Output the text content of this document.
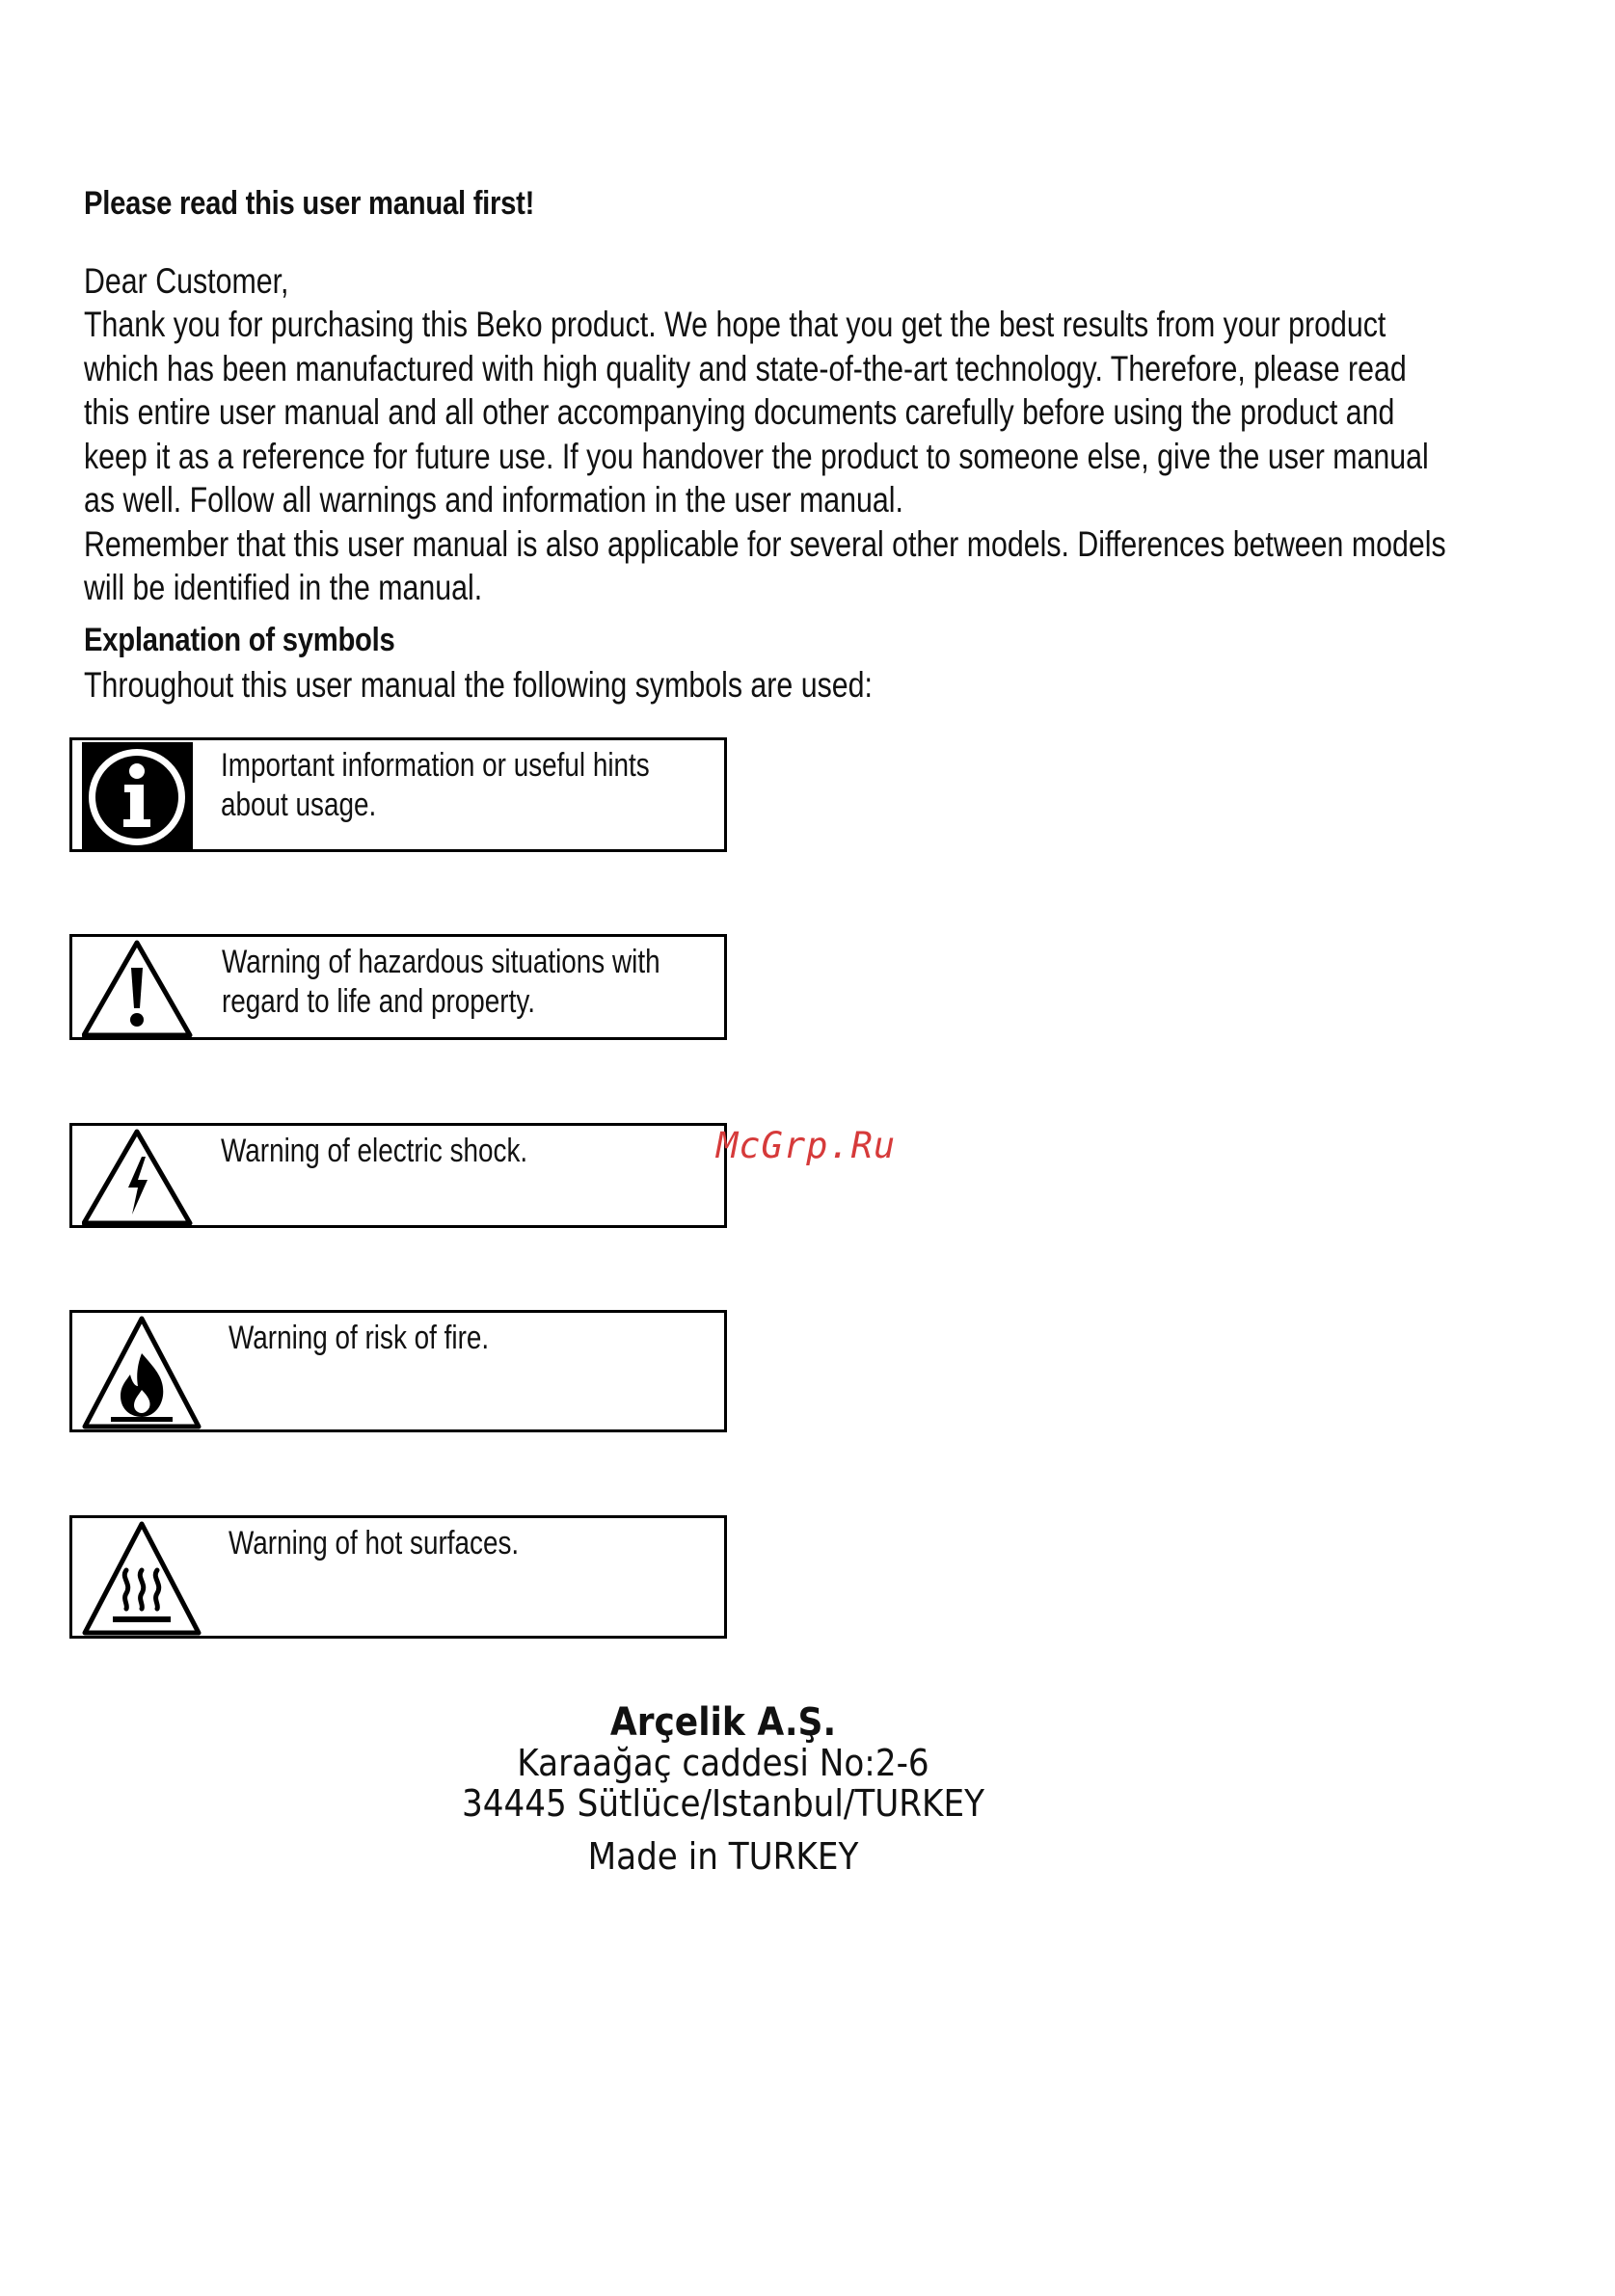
Please read this user manual first!

Dear Customer,

Thank you for purchasing this Beko product. We hope that you get the best results from your product
which has been manufactured with high quality and state-of-the-art technology. Therefore, please read
this entire user manual and all other accompanying documents carefully before using the product and
keep it as a reference for future use. If you handover the product to someone else, give the user manual
as well. Follow all warnings and information in the user manual.
Remember that this user manual is also applicable for several other models. Differences between models
will be identified in the manual.

Explanation of symbols

Throughout this user manual the following symbols are used:

Important information or useful hints
about usage.

Warning of hazardous situations with
regard to life and property.

Warning of electric shock.

Warning of risk of fire.

Warning of hot surfaces.

McGrp.Ru

Arçelik A.Ş.

Karaağaç caddesi No:2-6

34445 Sütlüce/Istanbul/TURKEY

Made in TURKEY
